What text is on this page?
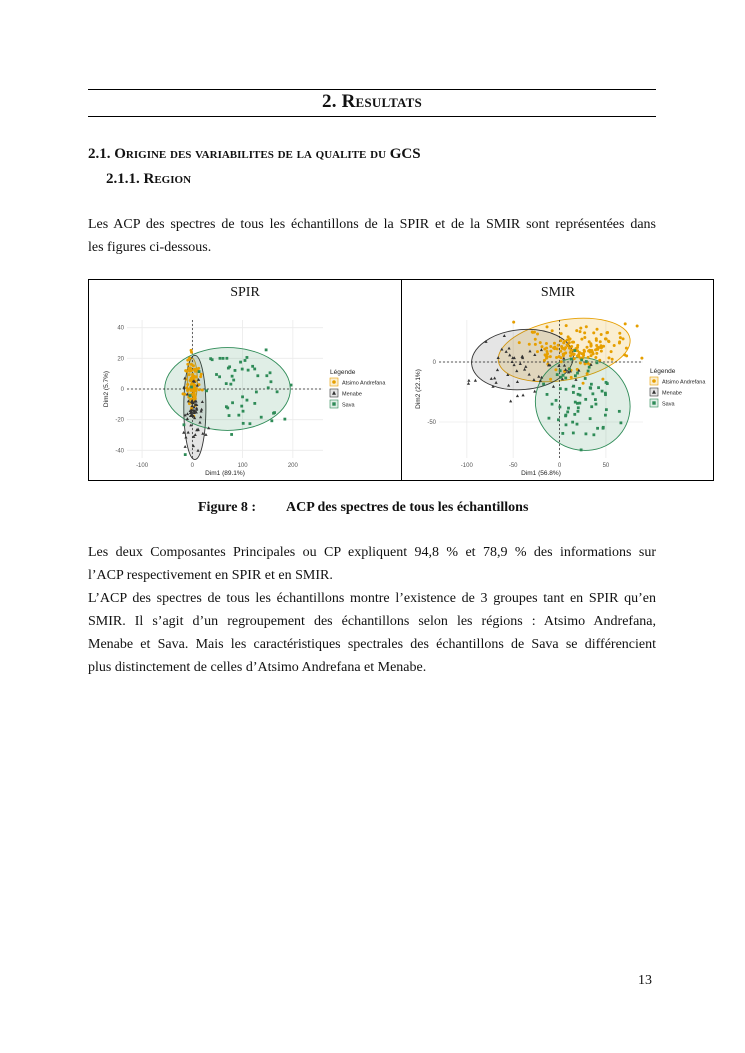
2. Resultats
2.1. Origine des variabilites de la qualite du GCS
2.1.1. Region

Les ACP des spectres de tous les échantillons de la SPIR et de la SMIR sont représentées dans
les figures ci-dessous.

SPIR	SMIR
-100	0	100	200
40
20
0
-20
-40
Dim1 (89.1%)
Dim2 (5.7%)	Légende
Atsimo Andrefana
Menabe
Sava
-100	-50	0	50
0
-50
Dim1 (56.8%)
Dim2 (22.1%)	Légende
Atsimo Andrefana
Menabe
Sava
Figure 8 : ACP des spectres de tous les échantillons

Les deux Composantes Principales ou CP expliquent 94,8 % et 78,9 % des informations sur
l’ACP respectivement en SPIR et en SMIR.
L’ACP des spectres de tous les échantillons montre l’existence de 3 groupes tant en SPIR qu’en
SMIR. Il s’agit d’un regroupement des échantillons selon les régions : Atsimo Andrefana,
Menabe et Sava. Mais les caractéristiques spectrales des échantillons de Sava se différencient
plus distinctement de celles d’Atsimo Andrefana et Menabe.

13
